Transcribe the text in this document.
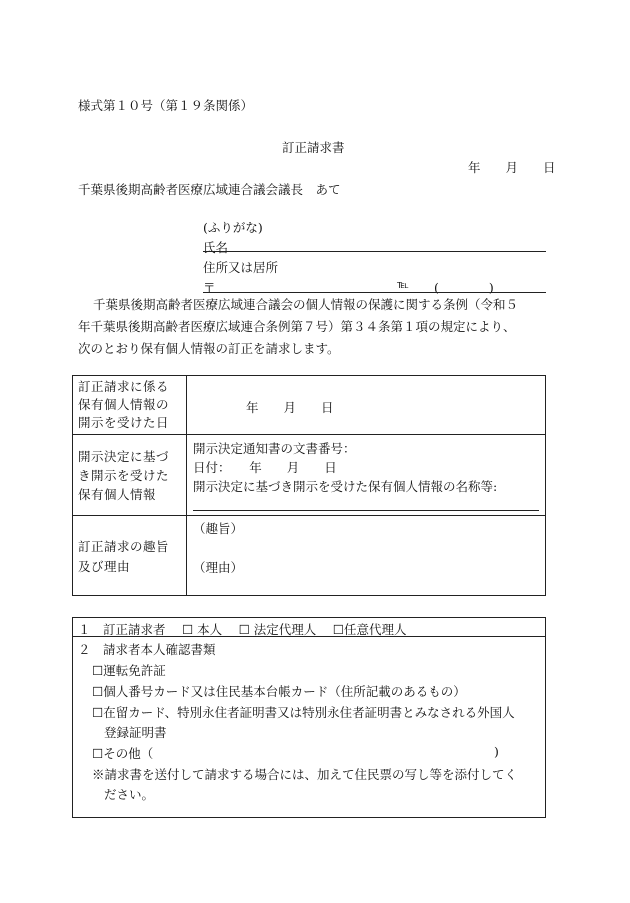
様式第１０号（第１９条関係）
訂正請求書
年　　月　　日
千葉県後期高齢者医療広域連合議会議長　あて
(ふりがな)
氏名
住所又は居所
〒	℡ (　　　　)
千葉県後期高齢者医療広域連合議会の個人情報の保護に関する条例（令和５
年千葉県後期高齢者医療広域連合条例第７号）第３４条第１項の規定により、
次のとおり保有個人情報の訂正を請求します。
訂正請求に係る
保有個人情報の
開示を受けた日
年　　月　　日
開示決定に基づ
き開示を受けた
保有個人情報
開示決定通知書の文書番号：
日付：　　年　　月　　日
開示決定に基づき開示を受けた保有個人情報の名称等:
訂正請求の趣旨
及び理由
（趣旨）
（理由）
１　訂正請求者　 ☐ 本人　 ☐ 法定代理人　 ☐任意代理人
２　請求者本人確認書類
☐運転免許証
☐個人番号カード又は住民基本台帳カード（住所記載のあるもの）
☐在留カード、特別永住者証明書又は特別永住者証明書とみなされる外国人
登録証明書
☐その他（	)
※請求書を送付して請求する場合には、加えて住民票の写し等を添付してく
ださい。
